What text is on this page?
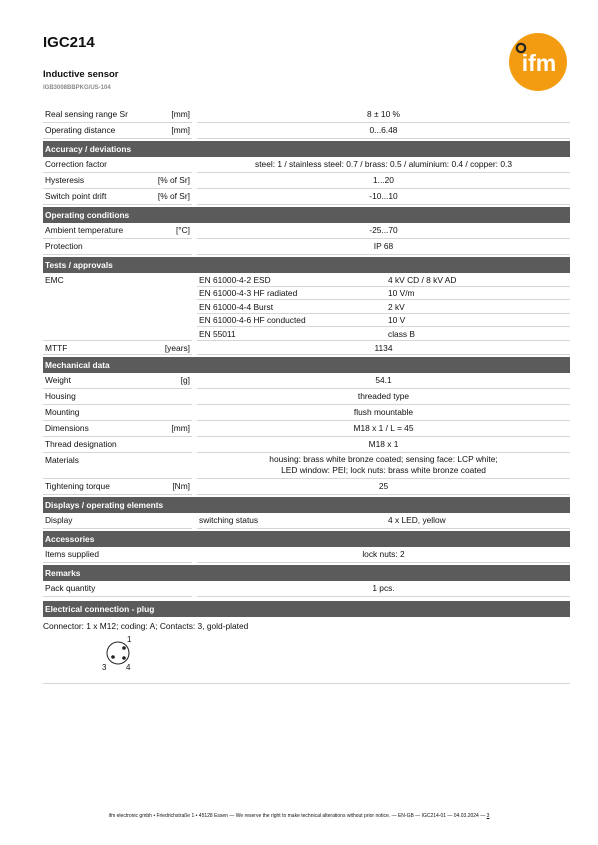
IGC214
Inductive sensor
IGB3008BBPKG/US-104
ifm
Real sensing range Sr	[mm]	8 ± 10 %
Operating distance	[mm]	0...6.48
Accuracy / deviations
Correction factor	steel: 1 / stainless steel: 0.7 / brass: 0.5 / aluminium: 0.4 / copper: 0.3
Hysteresis	[% of Sr]	1...20
Switch point drift	[% of Sr]	-10...10
Operating conditions
Ambient temperature	[°C]	-25...70
Protection	IP 68
Tests / approvals
EMC	EN 61000-4-2 ESD	4 kV CD / 8 kV AD
EN 61000-4-3 HF radiated	10 V/m
EN 61000-4-4 Burst	2 kV
EN 61000-4-6 HF conducted	10 V
EN 55011	class B
MTTF	[years]	1134
Mechanical data
Weight	[g]	54.1
Housing	threaded type
Mounting	flush mountable
Dimensions	[mm]	M18 x 1 / L = 45
Thread designation	M18 x 1
Materials	housing: brass white bronze coated; sensing face: LCP white;
LED window: PEI; lock nuts: brass white bronze coated
Tightening torque	[Nm]	25
Displays / operating elements
Display	switching status	4 x LED, yellow
Accessories
Items supplied	lock nuts: 2
Remarks
Pack quantity	1 pcs.
Electrical connection - plug
Connector: 1 x M12; coding: A; Contacts: 3, gold-plated
1
3 4
ifm electronic gmbh • Friedrichstraße 1 • 45128 Essen — We reserve the right to make technical alterations without prior notice. — EN-GB — IGC214-01 — 04.03.2024 — 3
